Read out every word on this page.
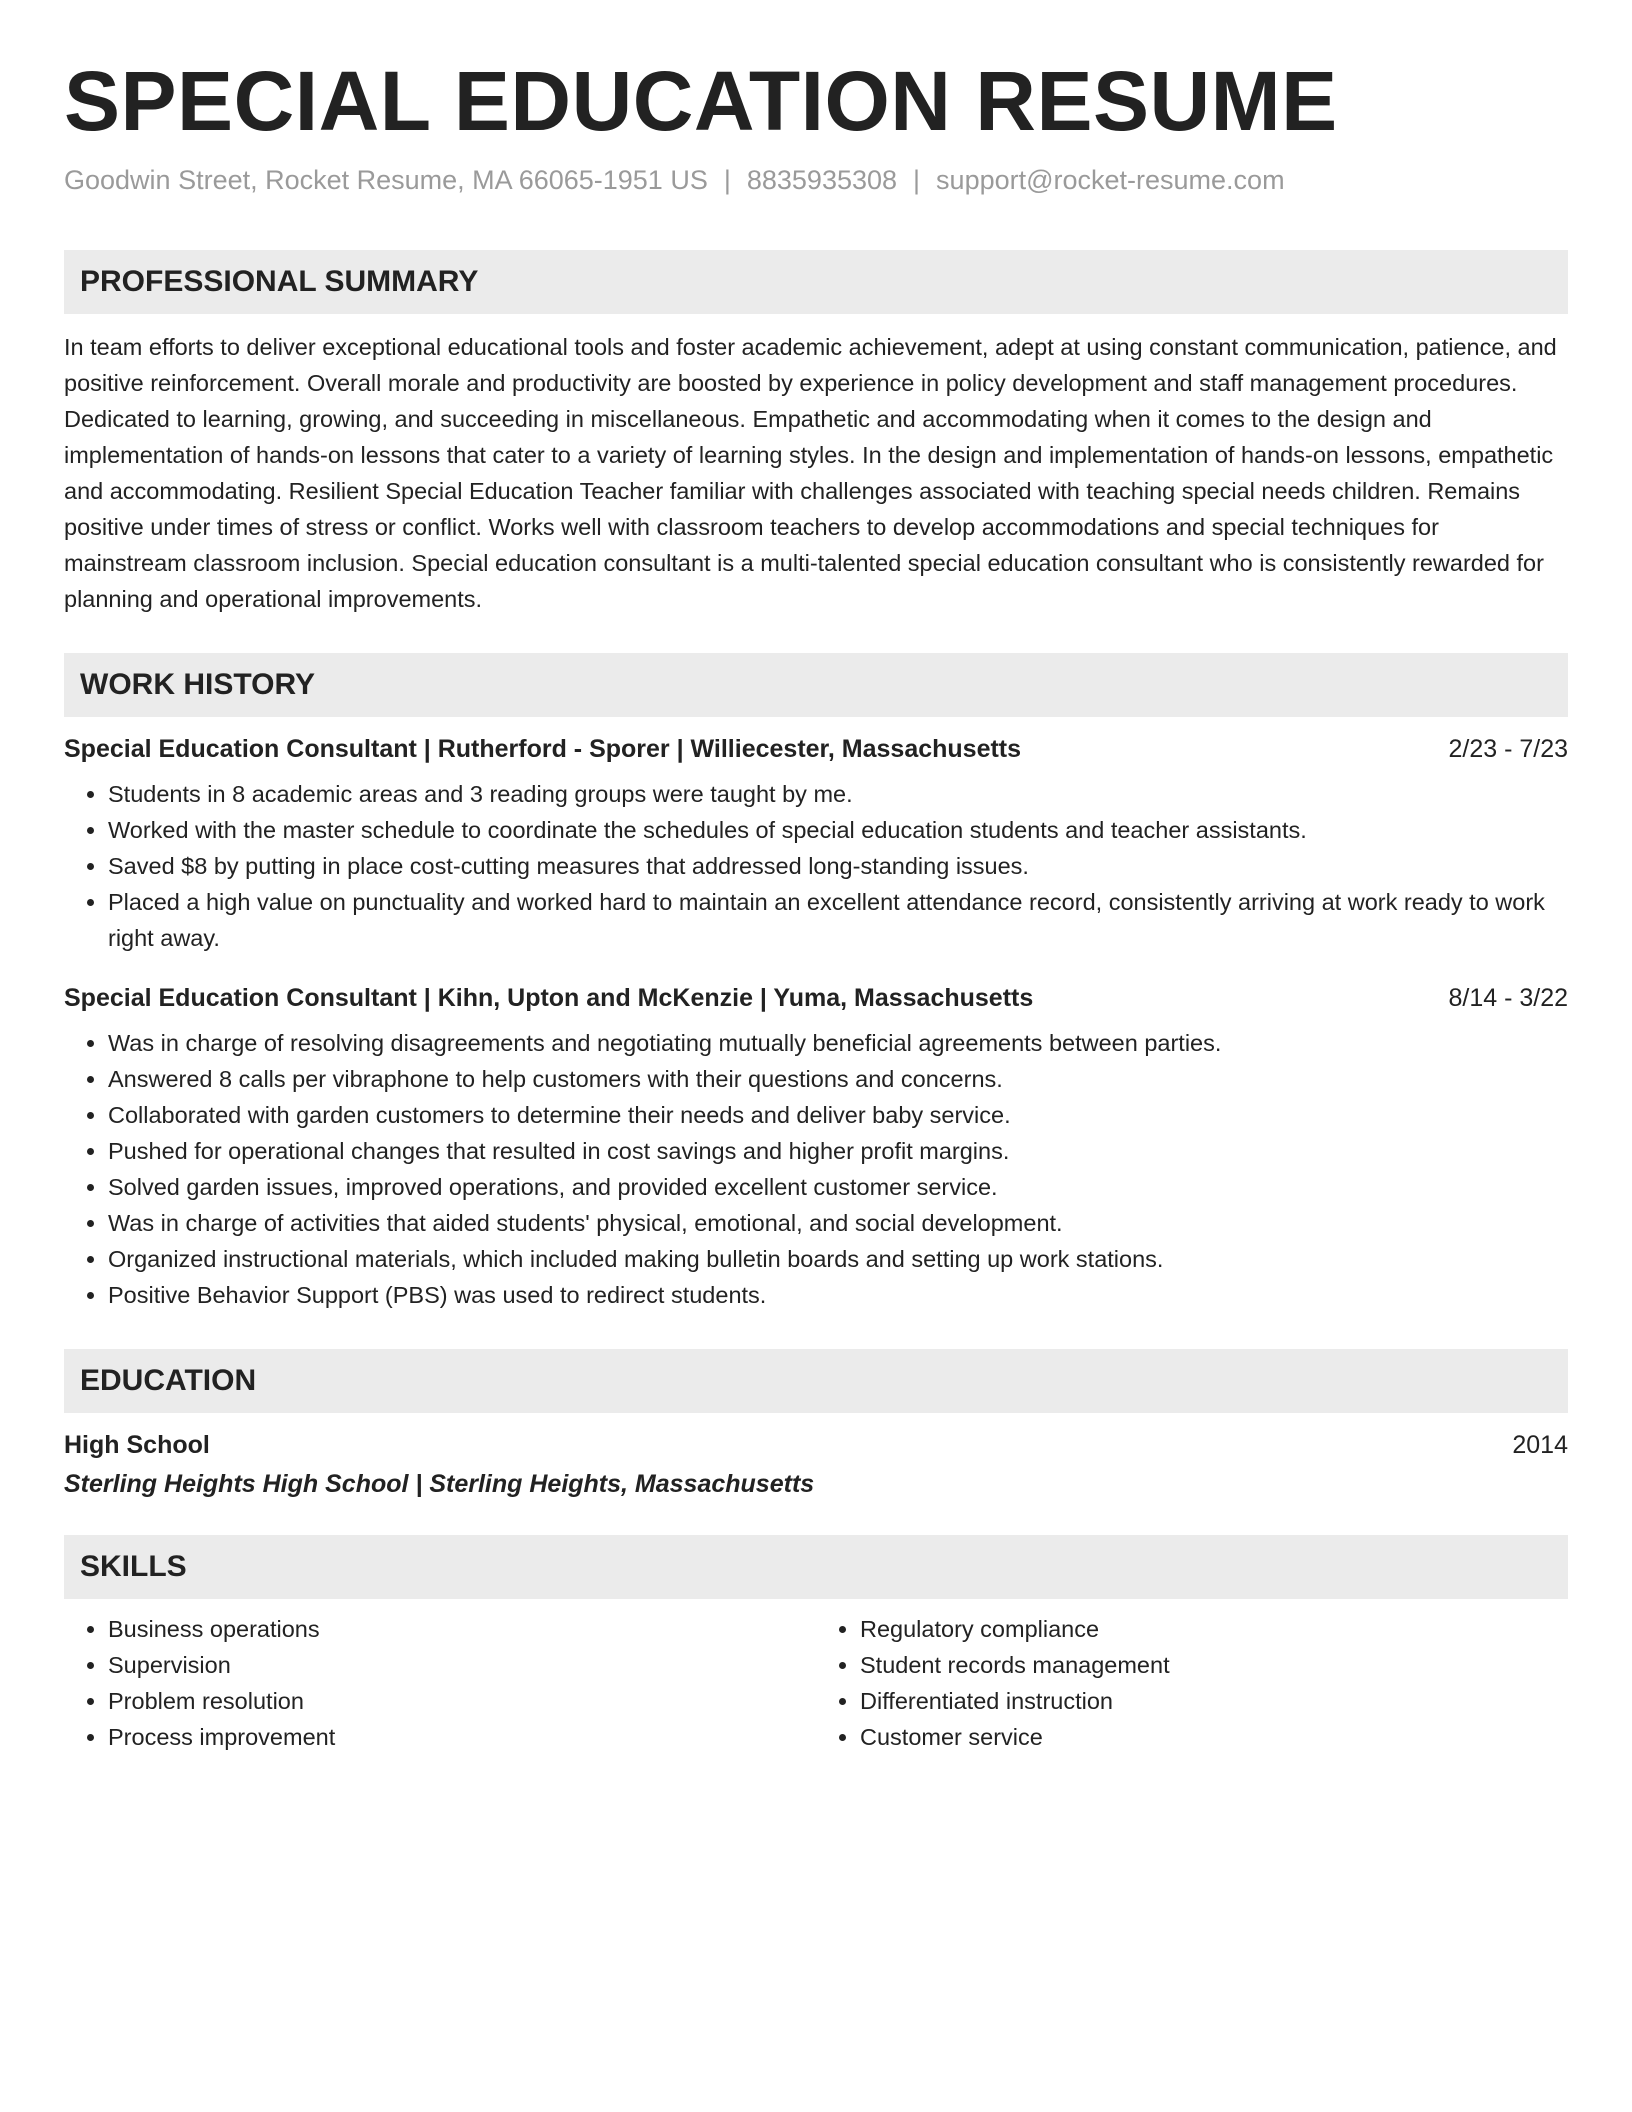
SPECIAL EDUCATION RESUME
Goodwin Street, Rocket Resume, MA 66065-1951 US | 8835935308 | support@rocket-resume.com
PROFESSIONAL SUMMARY

In team efforts to deliver exceptional educational tools and foster academic achievement, adept at using constant communication, patience, and positive reinforcement. Overall morale and productivity are boosted by experience in policy development and staff management procedures. Dedicated to learning, growing, and succeeding in miscellaneous. Empathetic and accommodating when it comes to the design and implementation of hands-on lessons that cater to a variety of learning styles. In the design and implementation of hands-on lessons, empathetic and accommodating. Resilient Special Education Teacher familiar with challenges associated with teaching special needs children. Remains positive under times of stress or conflict. Works well with classroom teachers to develop accommodations and special techniques for mainstream classroom inclusion. Special education consultant is a multi-talented special education consultant who is consistently rewarded for planning and operational improvements.

WORK HISTORY
Special Education Consultant | Rutherford - Sporer | Williecester, Massachusetts	2/23 - 7/23
• Students in 8 academic areas and 3 reading groups were taught by me.
• Worked with the master schedule to coordinate the schedules of special education students and teacher assistants.
• Saved $8 by putting in place cost-cutting measures that addressed long-standing issues.
• Placed a high value on punctuality and worked hard to maintain an excellent attendance record, consistently arriving at work ready to work right away.
Special Education Consultant | Kihn, Upton and McKenzie | Yuma, Massachusetts	8/14 - 3/22
• Was in charge of resolving disagreements and negotiating mutually beneficial agreements between parties.
• Answered 8 calls per vibraphone to help customers with their questions and concerns.
• Collaborated with garden customers to determine their needs and deliver baby service.
• Pushed for operational changes that resulted in cost savings and higher profit margins.
• Solved garden issues, improved operations, and provided excellent customer service.
• Was in charge of activities that aided students' physical, emotional, and social development.
• Organized instructional materials, which included making bulletin boards and setting up work stations.
• Positive Behavior Support (PBS) was used to redirect students.
EDUCATION
High School	2014
Sterling Heights High School | Sterling Heights, Massachusetts
SKILLS
• Business operations
• Supervision
• Problem resolution
• Process improvement
• Regulatory compliance
• Student records management
• Differentiated instruction
• Customer service
